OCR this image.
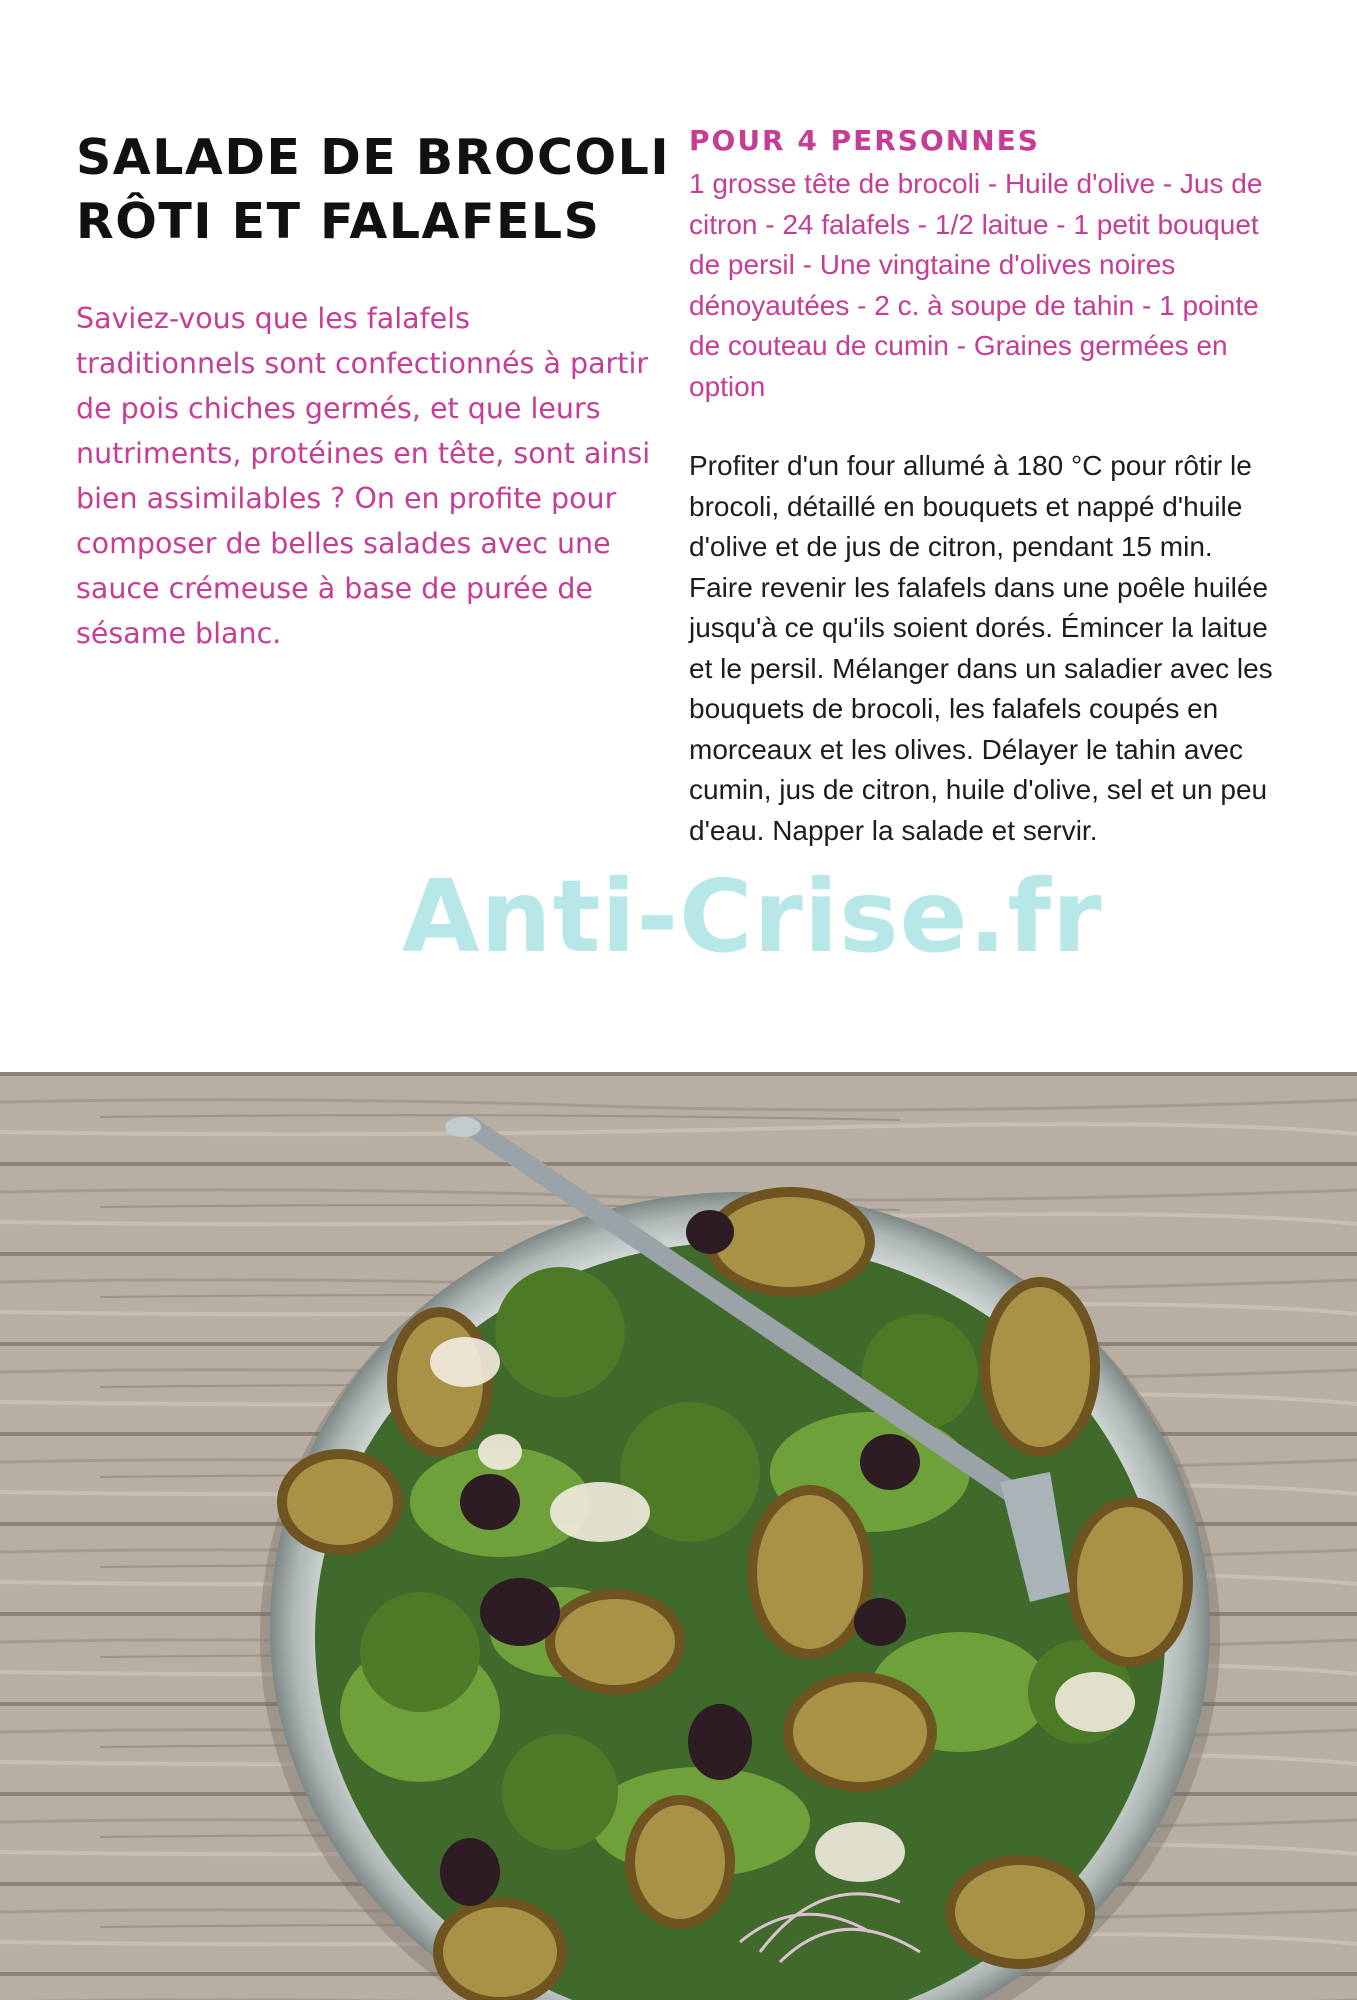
SALADE DE BROCOLI
RÔTI ET FALAFELS

Saviez-vous que les falafels traditionnels sont confectionnés à partir de pois chiches germés, et que leurs nutriments, protéines en tête, sont ainsi bien assimilables ? On en profite pour composer de belles salades avec une sauce crémeuse à base de purée de sésame blanc.

POUR 4 PERSONNES

1 grosse tête de brocoli - Huile d'olive - Jus de citron - 24 falafels - 1/2 laitue - 1 petit bouquet de persil - Une vingtaine d'olives noires dénoyautées - 2 c. à soupe de tahin - 1 pointe de couteau de cumin - Graines germées en option

Profiter d'un four allumé à 180 °C pour rôtir le brocoli, détaillé en bouquets et nappé d'huile d'olive et de jus de citron, pendant 15 min. Faire revenir les falafels dans une poêle huilée jusqu'à ce qu'ils soient dorés. Émincer la laitue et le persil. Mélanger dans un saladier avec les bouquets de brocoli, les falafels coupés en morceaux et les olives. Délayer le tahin avec cumin, jus de citron, huile d'olive, sel et un peu d'eau. Napper la salade et servir.

Anti-Crise.fr
